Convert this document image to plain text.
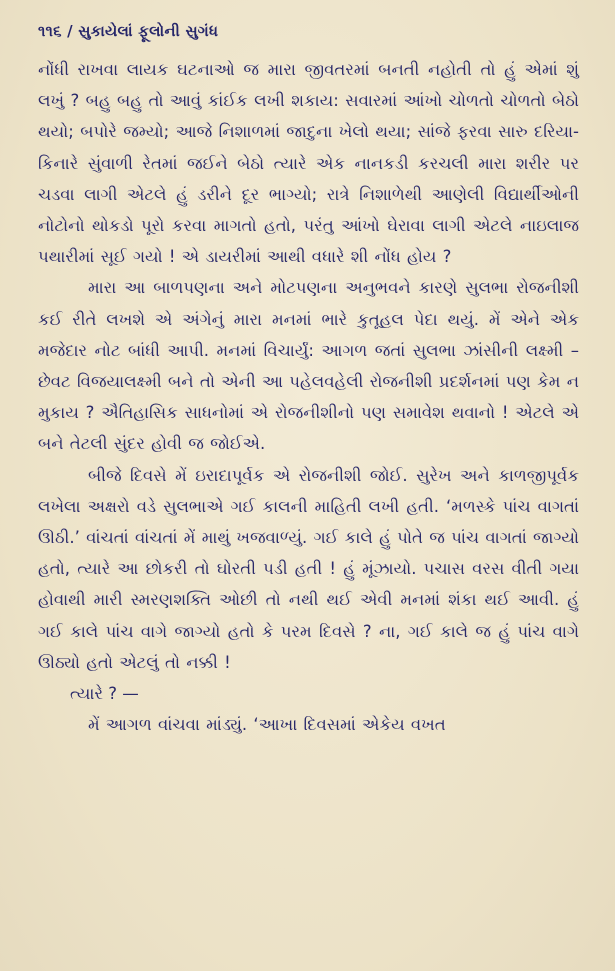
૧૧૬ / સુકાયેલાં ફૂલોની સુગંધ

નોંધી રાખવા લાયક ઘટનાઓ જ મારા જીવતરમાં બનતી નહોતી તો હું એમાં શું લખું ? બહુ બહુ તો આવું કાંઈક લખી શકાય: સવારમાં આંખો ચોળતો ચોળતો બેઠો થયો; બપોરે જમ્યો; આજે નિશાળમાં જાદુના ખેલો થયા; સાંજે ફરવા સારુ દરિયા-કિનારે સુંવાળી રેતમાં જઈને બેઠો ત્યારે એક નાનકડી કરચલી મારા શરીર પર ચડવા લાગી એટલે હું ડરીને દૂર ભાગ્યો; રાત્રે નિશાળેથી આણેલી વિદ્યાર્થીઓની નોટોનો થોકડો પૂરો કરવા માગતો હતો, પરંતુ આંખો ઘેરાવા લાગી એટલે નાઇલાજ પથારીમાં સૂઈ ગયો ! એ ડાયરીમાં આથી વધારે શી નોંધ હોય ?

મારા આ બાળપણના અને મોટપણના અનુભવને કારણે સુલભા રોજનીશી કઈ રીતે લખશે એ અંગેનું મારા મનમાં ભારે કુતૂહલ પેદા થયું. મેં એને એક મજેદાર નોટ બાંધી આપી. મનમાં વિચાર્યું: આગળ જતાં સુલભા ઝાંસીની લક્ષ્મી – છેવટ વિજયાલક્ષ્મી બને તો એની આ પહેલવહેલી રોજનીશી પ્રદર્શનમાં પણ કેમ ન મુકાય ? ઐતિહાસિક સાધનોમાં એ રોજનીશીનો પણ સમાવેશ થવાનો ! એટલે એ બને તેટલી સુંદર હોવી જ જોઈએ.

બીજે દિવસે મેં ઇરાદાપૂર્વક એ રોજનીશી જોઈ. સુરેખ અને કાળજીપૂર્વક લખેલા અક્ષરો વડે સુલભાએ ગઈ કાલની માહિતી લખી હતી. ‘મળસ્કે પાંચ વાગતાં ઊઠી.’ વાંચતાં વાંચતાં મેં માથું ખજવાળ્યું. ગઈ કાલે હું પોતે જ પાંચ વાગતાં જાગ્યો હતો, ત્યારે આ છોકરી તો ઘોરતી પડી હતી ! હું મૂંઝાયો. પચાસ વરસ વીતી ગયા હોવાથી મારી સ્મરણશક્તિ ઓછી તો નથી થઈ એવી મનમાં શંકા થઈ આવી. હું ગઈ કાલે પાંચ વાગે જાગ્યો હતો કે પરમ દિવસે ? ના, ગઈ કાલે જ હું પાંચ વાગે ઊઠ્યો હતો એટલું તો નક્કી !

ત્યારે ? —

મેં આગળ વાંચવા માંડ્યું. ‘આખા દિવસમાં એકેય વખત
